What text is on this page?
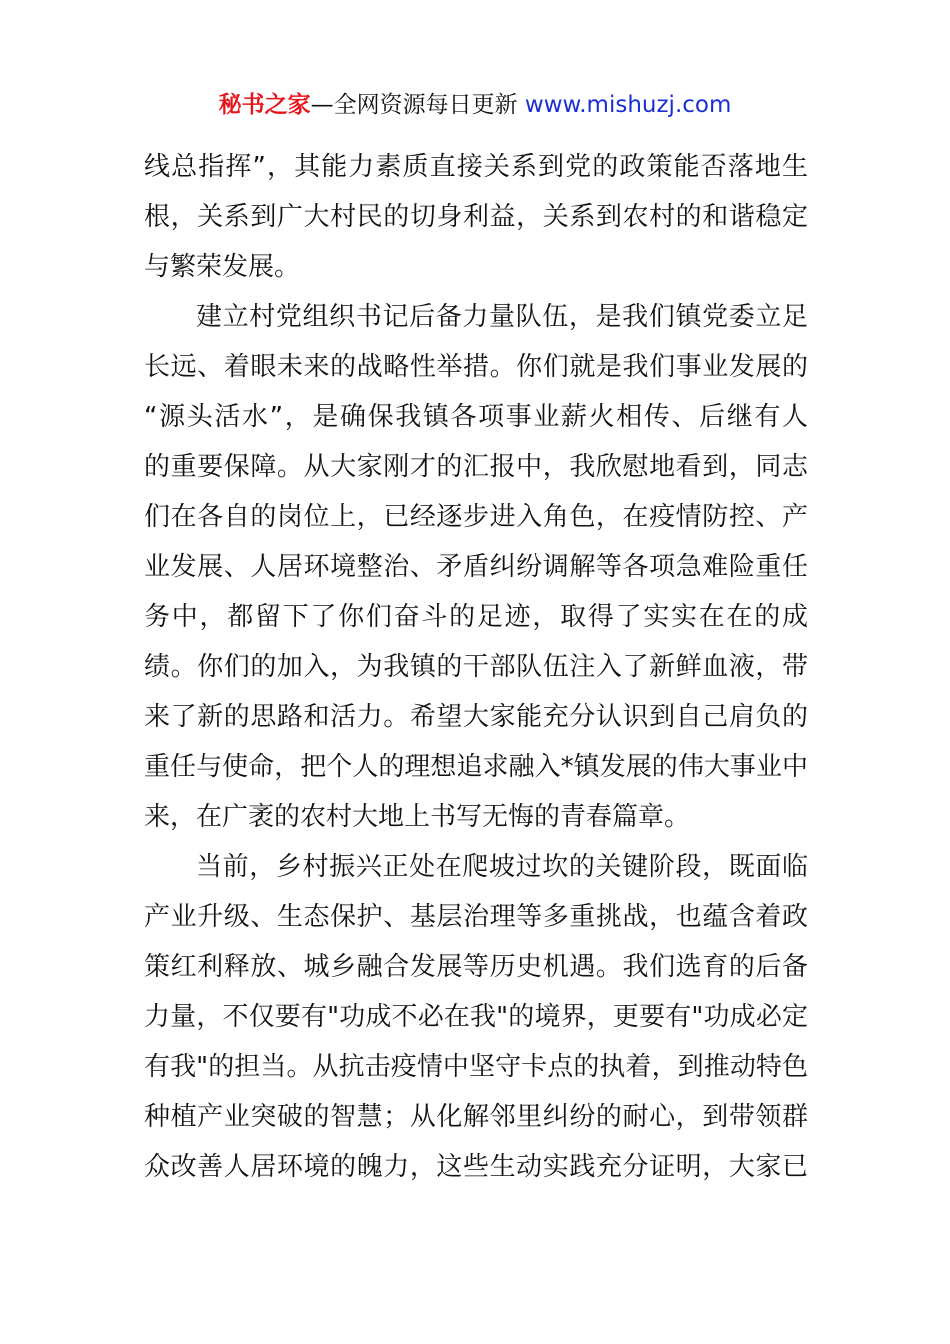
秘书之家—全网资源每日更新 www.mishuzj.com
线总指挥”，其能力素质直接关系到党的政策能否落地生
根，关系到广大村民的切身利益，关系到农村的和谐稳定
与繁荣发展。
建立村党组织书记后备力量队伍，是我们镇党委立足
长远、着眼未来的战略性举措。你们就是我们事业发展的
“源头活水”，是确保我镇各项事业薪火相传、后继有人
的重要保障。从大家刚才的汇报中，我欣慰地看到，同志
们在各自的岗位上，已经逐步进入角色，在疫情防控、产
业发展、人居环境整治、矛盾纠纷调解等各项急难险重任
务中，都留下了你们奋斗的足迹，取得了实实在在的成
绩。你们的加入，为我镇的干部队伍注入了新鲜血液，带
来了新的思路和活力。希望大家能充分认识到自己肩负的
重任与使命，把个人的理想追求融入*镇发展的伟大事业中
来，在广袤的农村大地上书写无悔的青春篇章。
当前，乡村振兴正处在爬坡过坎的关键阶段，既面临
产业升级、生态保护、基层治理等多重挑战，也蕴含着政
策红利释放、城乡融合发展等历史机遇。我们选育的后备
力量，不仅要有"功成不必在我"的境界，更要有"功成必定
有我"的担当。从抗击疫情中坚守卡点的执着，到推动特色
种植产业突破的智慧；从化解邻里纠纷的耐心，到带领群
众改善人居环境的魄力，这些生动实践充分证明，大家已
